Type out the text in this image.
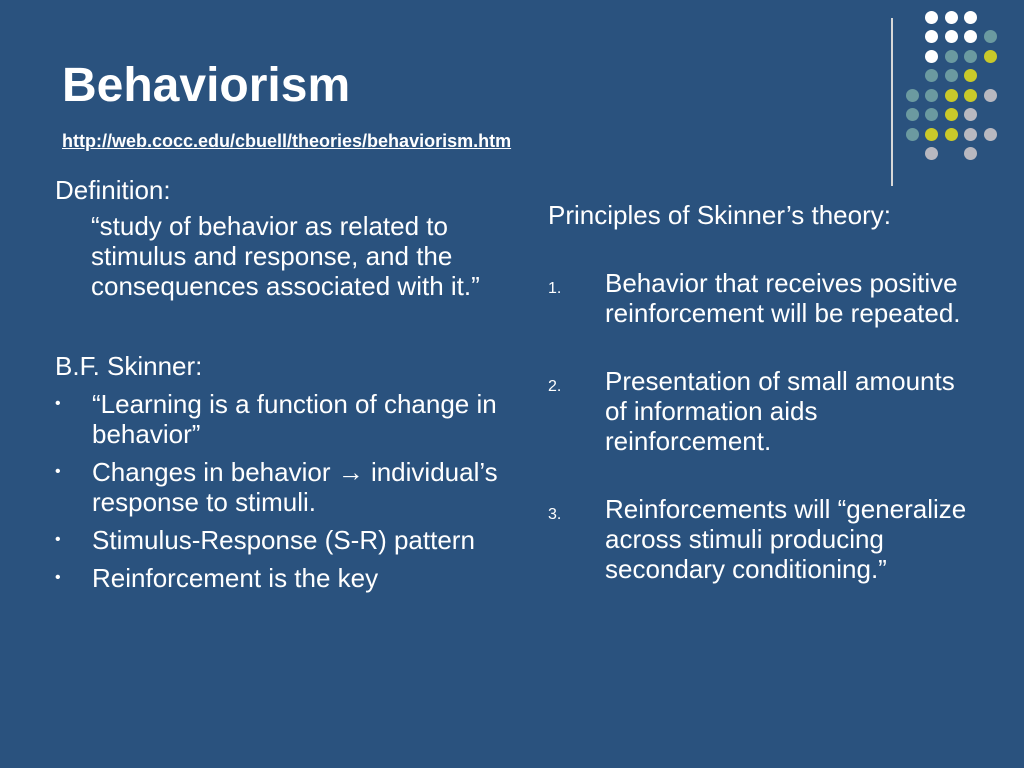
Behaviorism
http://web.cocc.edu/cbuell/theories/behaviorism.htm

Definition:

“study of behavior as related to stimulus and response, and the consequences associated with it.”

B.F. Skinner:

• “Learning is a function of change in behavior”
• Changes in behavior → individual’s response to stimuli.
• Stimulus-Response (S-R) pattern
• Reinforcement is the key

Principles of Skinner’s theory:

1. Behavior that receives positive reinforcement will be repeated.
2. Presentation of small amounts of information aids reinforcement.
3. Reinforcements will “generalize across stimuli producing secondary conditioning.”
